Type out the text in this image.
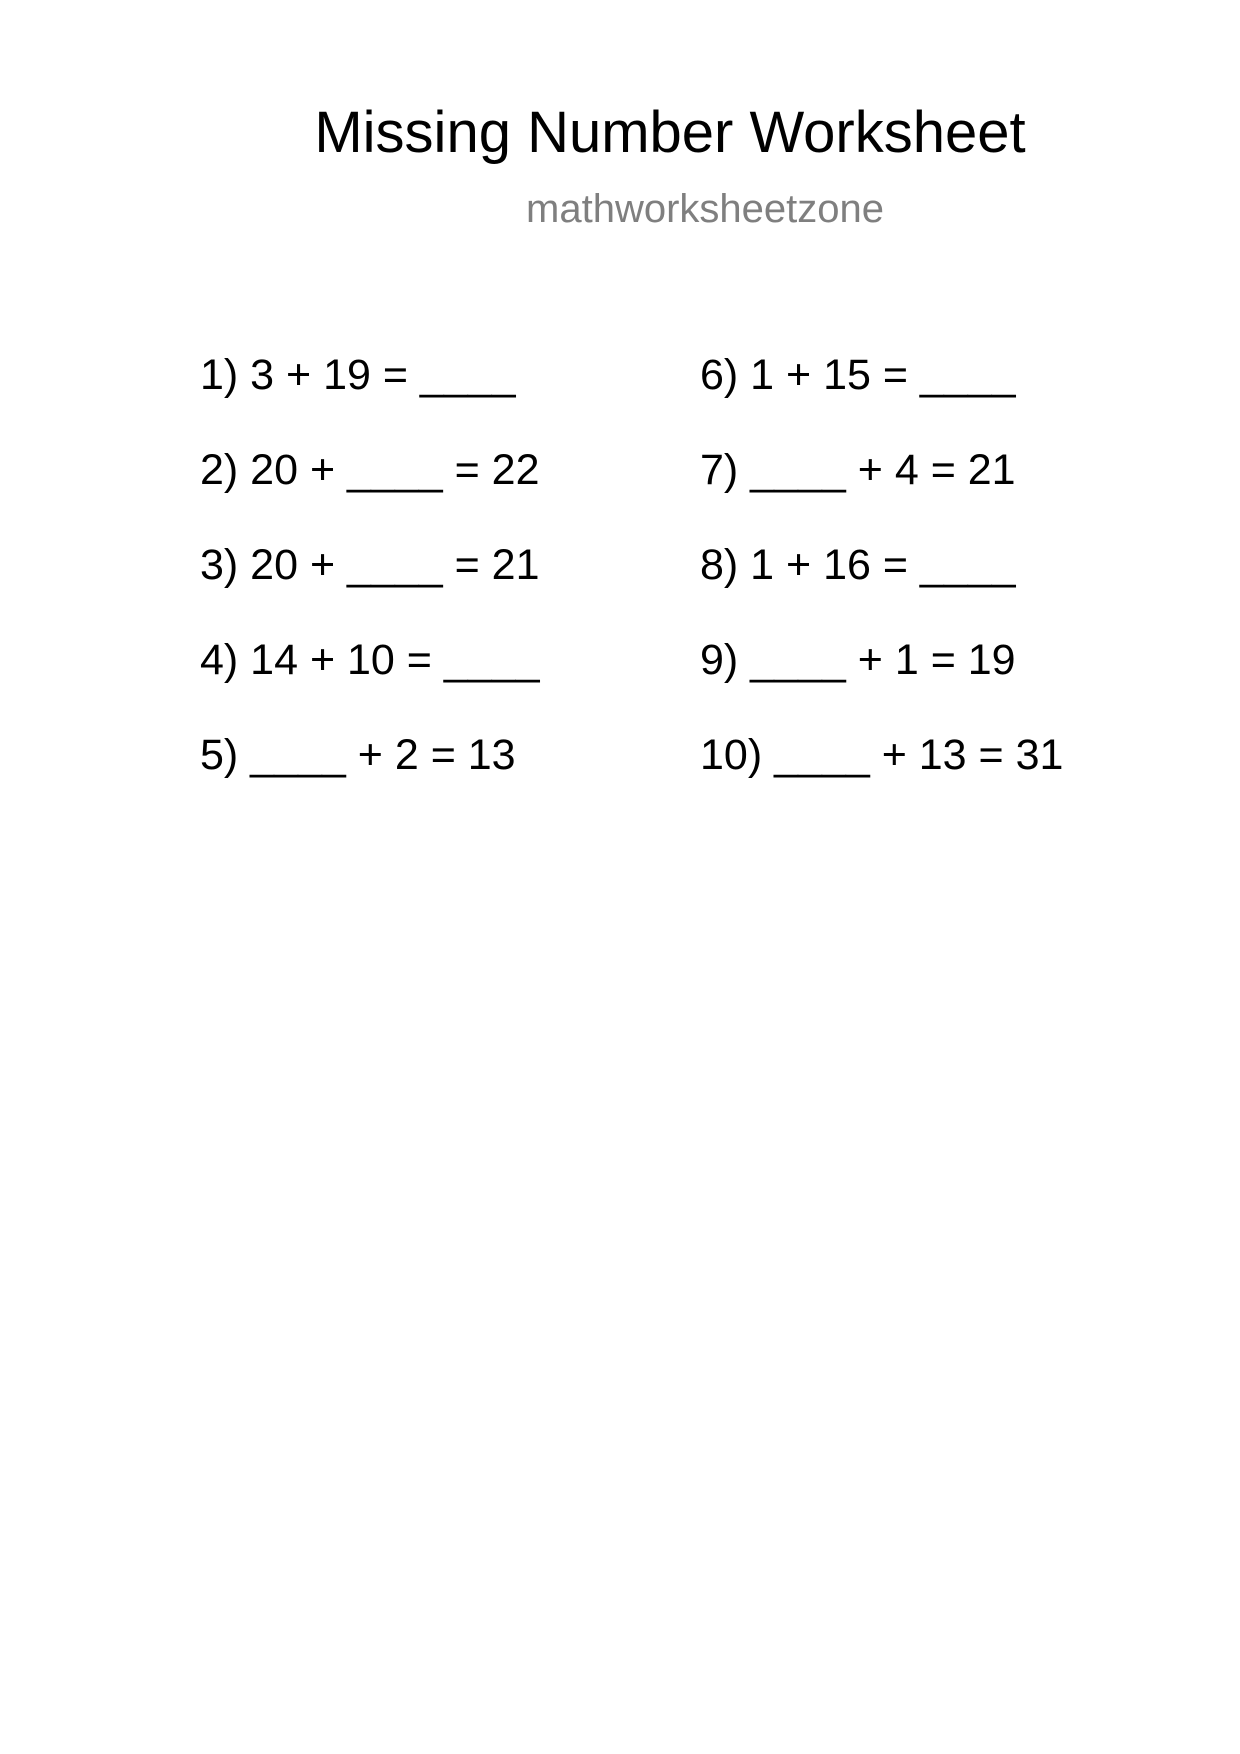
Missing Number Worksheet
mathworksheetzone
1) 3 + 19 = ____
2) 20 + ____ = 22
3) 20 + ____ = 21
4) 14 + 10 = ____
5) ____ + 2 = 13
6) 1 + 15 = ____
7) ____ + 4 = 21
8) 1 + 16 = ____
9) ____ + 1 = 19
10) ____ + 13 = 31
